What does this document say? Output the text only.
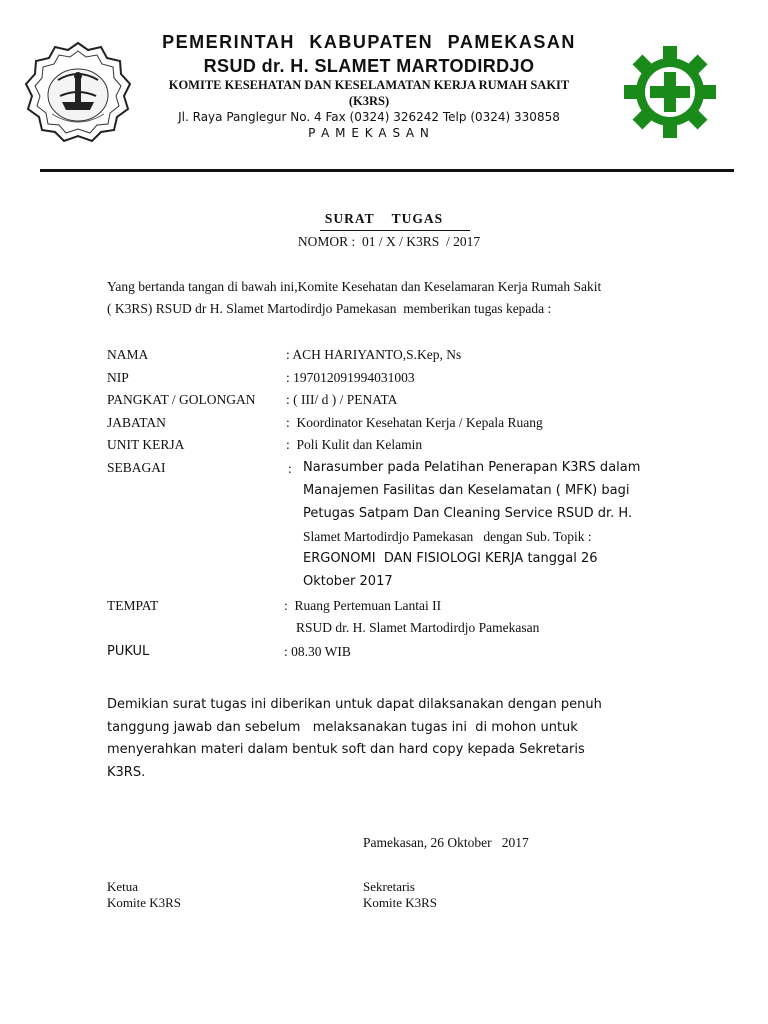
PEMERINTAH KABUPATEN PAMEKASAN
RSUD dr. H. SLAMET MARTODIRDJO
KOMITE KESEHATAN DAN KESELAMATAN KERJA RUMAH SAKIT
(K3RS)
Jl. Raya Panglegur No. 4 Fax (0324) 326242 Telp (0324) 330858
P A M E K A S A N
SURAT    TUGAS
NOMOR :  01 / X / K3RS  / 2017
Yang bertanda tangan di bawah ini,Komite Kesehatan dan Keselamaran Kerja Rumah Sakit
( K3RS) RSUD dr H. Slamet Martodirdjo Pamekasan  memberikan tugas kepada :
NAMA	: ACH HARIYANTO,S.Kep, Ns
NIP	: 197012091994031003
PANGKAT / GOLONGAN : ( III/ d ) / PENATA
JABATAN	:  Koordinator Kesehatan Kerja / Kepala Ruang
UNIT KERJA	:  Poli Kulit dan Kelamin
SEBAGAI	: Narasumber pada Pelatihan Penerapan K3RS dalam
Manajemen Fasilitas dan Keselamatan ( MFK) bagi
Petugas Satpam Dan Cleaning Service RSUD dr. H.
Slamet Martodirdjo Pamekasan   dengan Sub. Topik :
ERGONOMI  DAN FISIOLOGI KERJA tanggal 26
Oktober 2017
TEMPAT	:  Ruang Pertemuan Lantai II
RSUD dr. H. Slamet Martodirdjo Pamekasan
PUKUL	: 08.30 WIB
Demikian surat tugas ini diberikan untuk dapat dilaksanakan dengan penuh
tanggung jawab dan sebelum   melaksanakan tugas ini  di mohon untuk
menyerahkan materi dalam bentuk soft dan hard copy kepada Sekretaris
K3RS.
Pamekasan, 26 Oktober   2017
Ketua
Komite K3RS
Sekretaris
Komite K3RS
